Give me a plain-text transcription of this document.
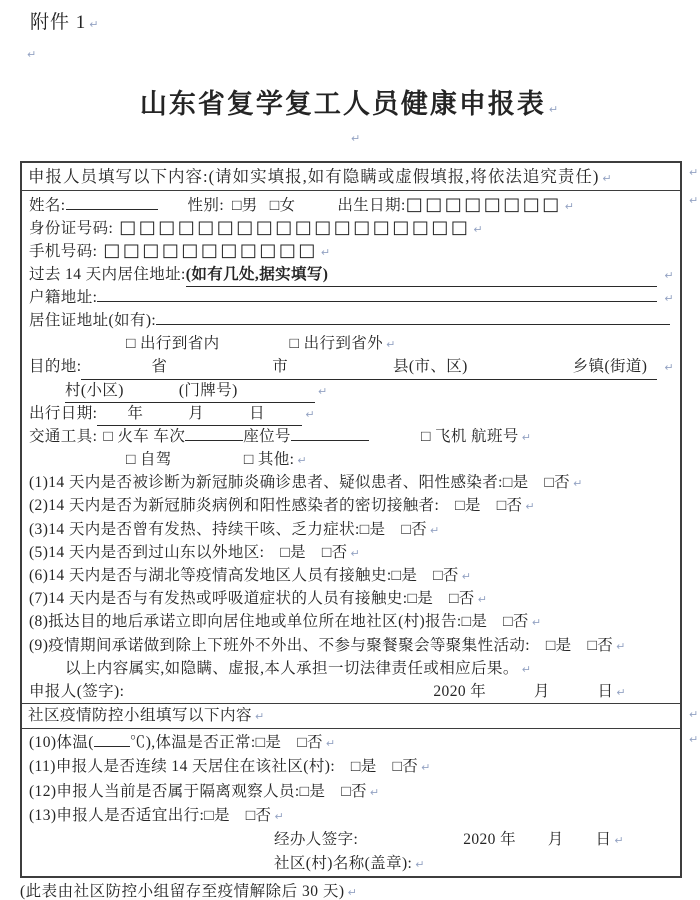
附件 1 ↵
↵
山东省复学复工人员健康申报表 ↵
↵
申报人员填写以下内容:(请如实填报,如有隐瞒或虚假填报,将依法追究责任) ↵
姓名:	性别: □男 □女	出生日期: □□□□□□□□ ↵
身份证号码: □□□□□□□□□□□□□□□□□□ ↵
手机号码: □□□□□□□□□□□ ↵
过去 14 天内居住地址: (如有几处,据实填写)	↵
户籍地址:	↵
居住证地址(如有):
□ 出行到省内	□ 出行到省外 ↵
目的地:	省	市	县(市、区)	乡镇(街道) ↵
村(小区)	(门牌号)	↵
出行日期: 年	月	日	↵
交通工具: □ 火车 车次	座位号	□ 飞机 航班号 ↵
□ 自驾	□ 其他: ↵
(1)14 天内是否被诊断为新冠肺炎确诊患者、疑似患者、阳性感染者:□是　□否 ↵
(2)14 天内是否为新冠肺炎病例和阳性感染者的密切接触者:　□是　□否 ↵
(3)14 天内是否曾有发热、持续干咳、乏力症状:□是　□否 ↵
(5)14 天内是否到过山东以外地区:　□是　□否 ↵
(6)14 天内是否与湖北等疫情高发地区人员有接触史:□是　□否 ↵
(7)14 天内是否与有发热或呼吸道症状的人员有接触史:□是　□否 ↵
(8)抵达目的地后承诺立即向居住地或单位所在地社区(村)报告:□是　□否 ↵
(9)疫情期间承诺做到除上下班外不外出、不参与聚餐聚会等聚集性活动:　□是　□否 ↵
以上内容属实,如隐瞒、虚报,本人承担一切法律责任或相应后果。 ↵
申报人(签字):	2020 年　　　月　　　日 ↵
社区疫情防控小组填写以下内容 ↵
(10)体温( ℃),体温是否正常:□是　□否 ↵
(11)申报人是否连续 14 天居住在该社区(村):　□是　□否 ↵
(12)申报人当前是否属于隔离观察人员:□是　□否 ↵
(13)申报人是否适宜出行:□是　□否 ↵
经办人签字:	2020 年　　月　　日 ↵
社区(村)名称(盖章): ↵
↵
↵
↵
↵
(此表由社区防控小组留存至疫情解除后 30 天) ↵
